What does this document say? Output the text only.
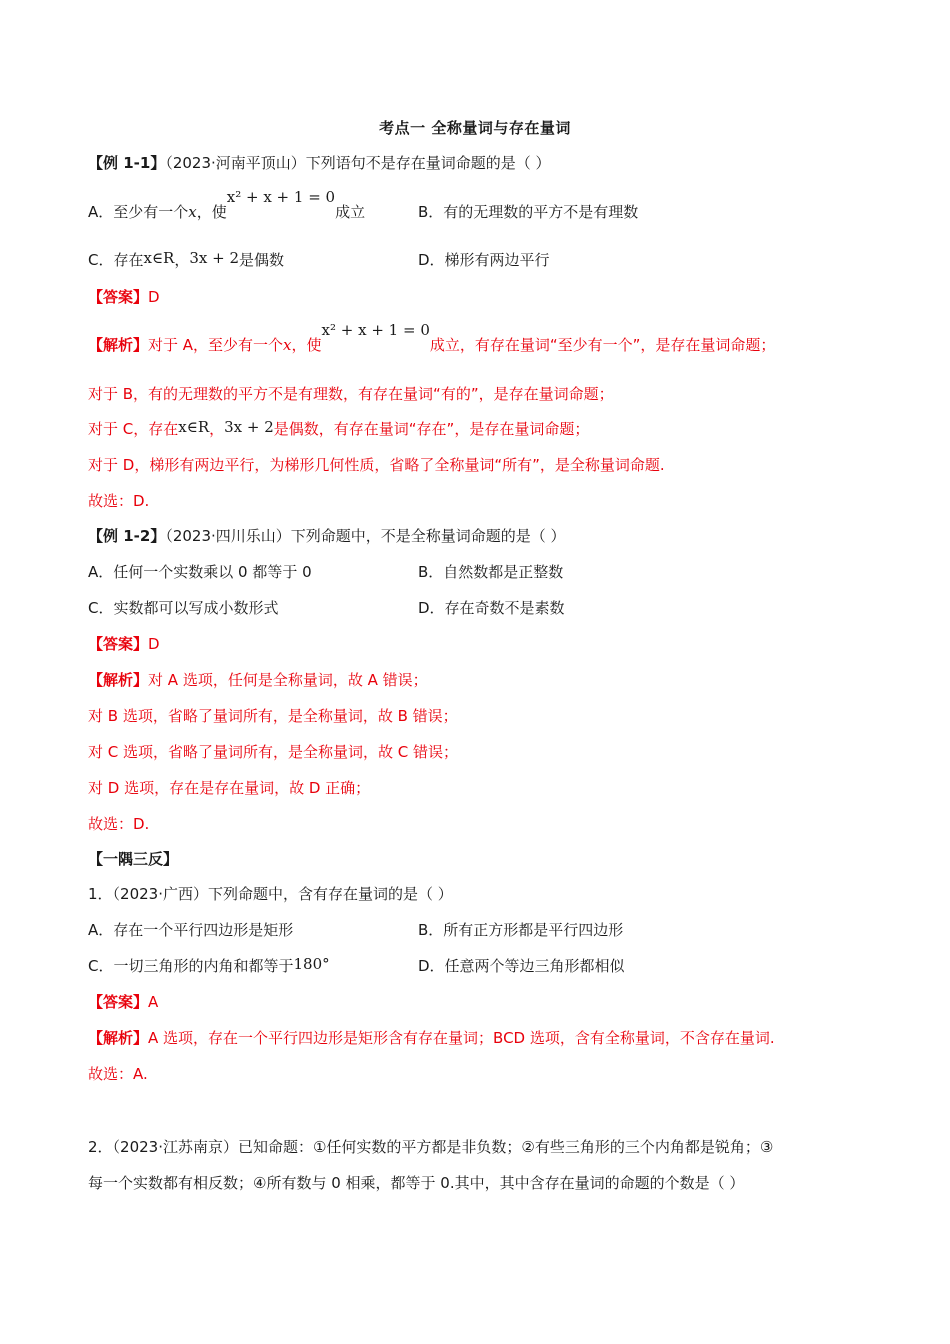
考点一 全称量词与存在量词
【例 1-1】（2023·河南平顶山）下列语句不是存在量词命题的是（ ）
A．至少有一个x，使x² + x + 1 = 0成立	B．有的无理数的平方不是有理数
C．存在x∈R，3x + 2是偶数	D．梯形有两边平行
【答案】D
【解析】对于 A，至少有一个x，使x² + x + 1 = 0成立，有存在量词“至少有一个”，是存在量词命题；
对于 B，有的无理数的平方不是有理数，有存在量词“有的”，是存在量词命题；
对于 C，存在x∈R，3x + 2是偶数，有存在量词“存在”，是存在量词命题；
对于 D，梯形有两边平行，为梯形几何性质，省略了全称量词“所有”，是全称量词命题.
故选：D.
【例 1-2】（2023·四川乐山）下列命题中，不是全称量词命题的是（ ）
A．任何一个实数乘以 0 都等于 0	B．自然数都是正整数
C．实数都可以写成小数形式	D．存在奇数不是素数
【答案】D
【解析】对 A 选项，任何是全称量词，故 A 错误；
对 B 选项，省略了量词所有，是全称量词，故 B 错误；
对 C 选项，省略了量词所有，是全称量词，故 C 错误；
对 D 选项，存在是存在量词，故 D 正确；
故选：D.
【一隅三反】
1．（2023·广西）下列命题中，含有存在量词的是（ ）
A．存在一个平行四边形是矩形	B．所有正方形都是平行四边形
C．一切三角形的内角和都等于180°	D．任意两个等边三角形都相似
【答案】A
【解析】A 选项，存在一个平行四边形是矩形含有存在量词；BCD 选项，含有全称量词，不含存在量词.
故选：A.
2．（2023·江苏南京）已知命题：①任何实数的平方都是非负数；②有些三角形的三个内角都是锐角；③
每一个实数都有相反数；④所有数与 0 相乘，都等于 0.其中，其中含存在量词的命题的个数是（ ）
